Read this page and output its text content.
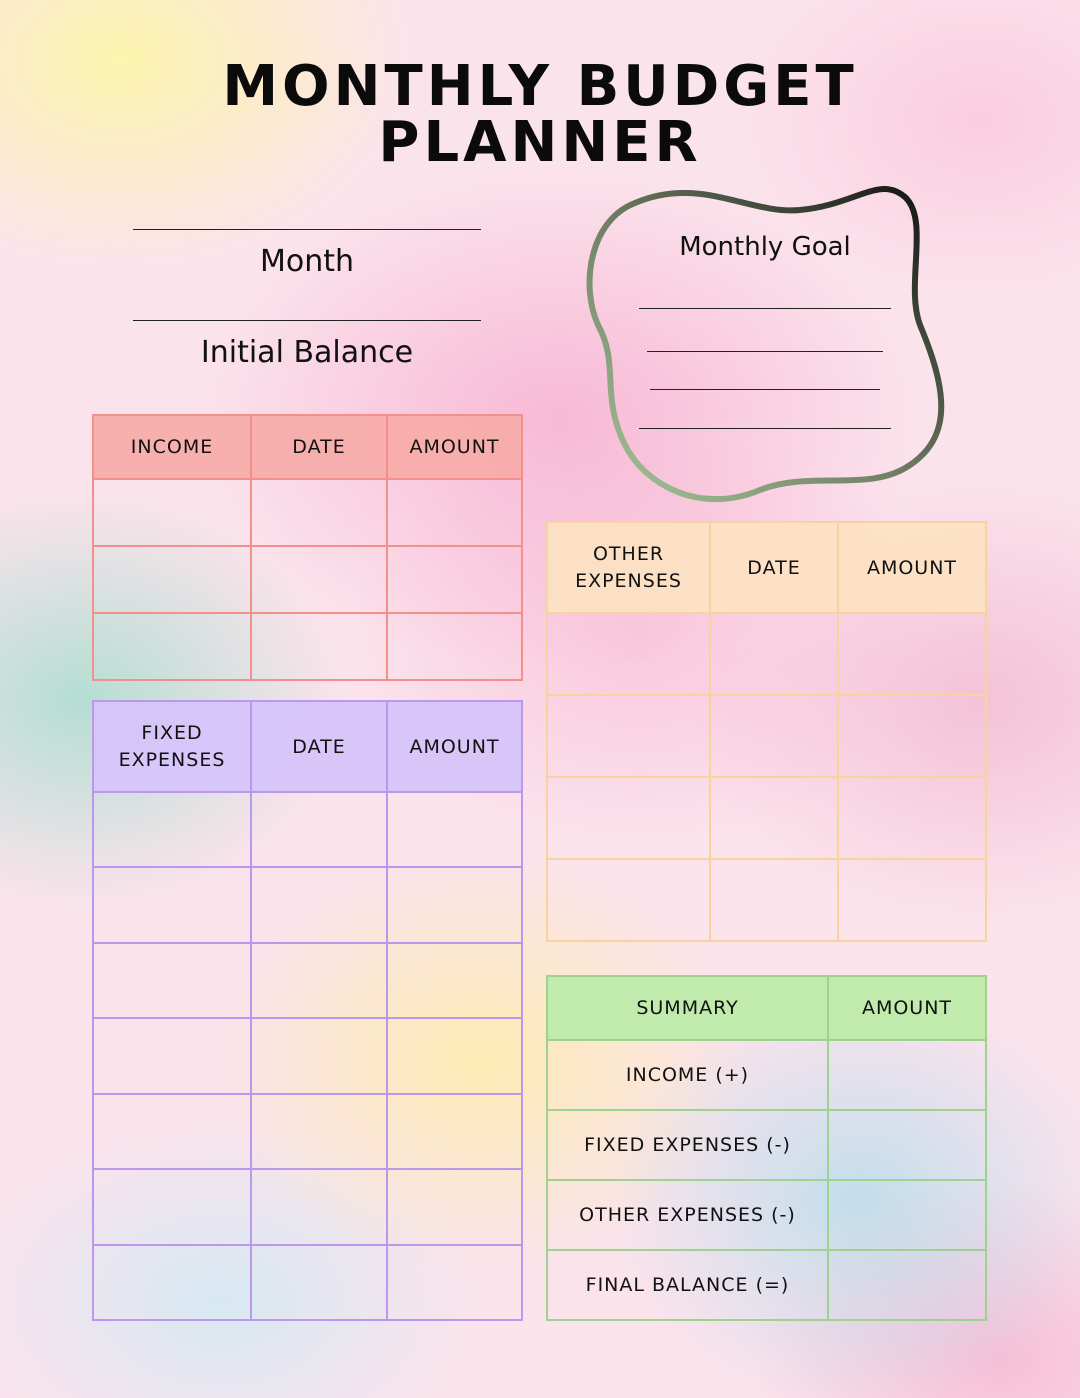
MONTHLY BUDGET
PLANNER
Month
Initial Balance
Monthly Goal
INCOME	DATE	AMOUNT

FIXED EXPENSES	DATE	AMOUNT

OTHER EXPENSES	DATE	AMOUNT

SUMMARY	AMOUNT
INCOME (+)	
FIXED EXPENSES (-)	
OTHER EXPENSES (-)	
FINAL BALANCE (=)	
